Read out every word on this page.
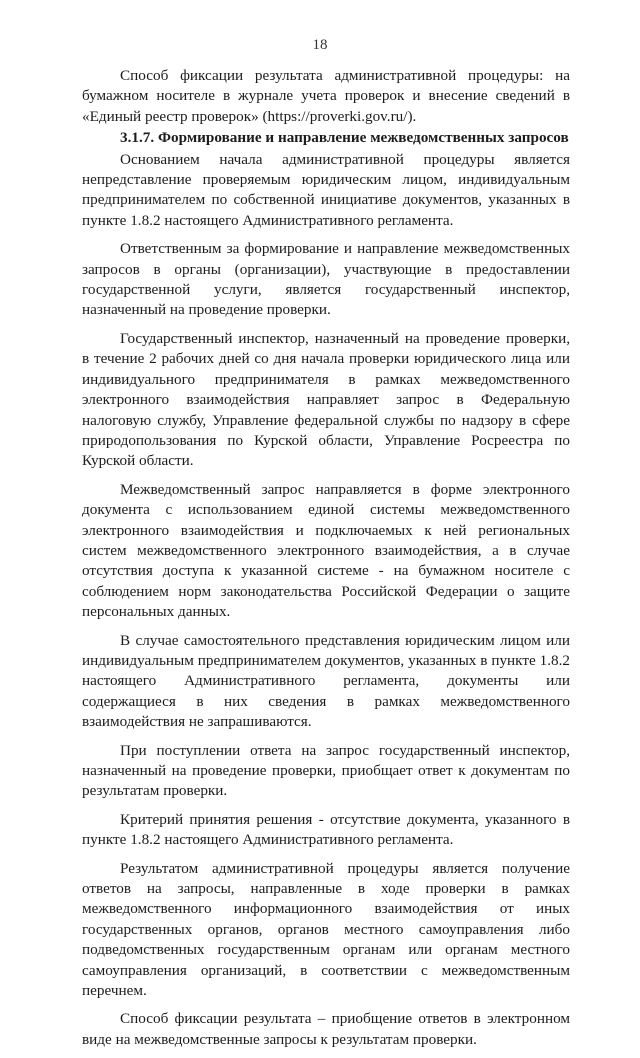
18

Способ фиксации результата административной процедуры: на бумажном носителе в журнале учета проверок и внесение сведений в «Единый реестр проверок» (https://proverki.gov.ru/).

3.1.7. Формирование и направление межведомственных запросов

Основанием начала административной процедуры является непредставление проверяемым юридическим лицом, индивидуальным предпринимателем по собственной инициативе документов, указанных в пункте 1.8.2 настоящего Административного регламента.

Ответственным за формирование и направление межведомственных запросов в органы (организации), участвующие в предоставлении государственной услуги, является государственный инспектор, назначенный на проведение проверки.

Государственный инспектор, назначенный на проведение проверки, в течение 2 рабочих дней со дня начала проверки юридического лица или индивидуального предпринимателя в рамках межведомственного электронного взаимодействия направляет запрос в Федеральную налоговую службу, Управление федеральной службы по надзору в сфере природопользования по Курской области, Управление Росреестра по Курской области.

Межведомственный запрос направляется в форме электронного документа с использованием единой системы межведомственного электронного взаимодействия и подключаемых к ней региональных систем межведомственного электронного взаимодействия, а в случае отсутствия доступа к указанной системе - на бумажном носителе с соблюдением норм законодательства Российской Федерации о защите персональных данных.

В случае самостоятельного представления юридическим лицом или индивидуальным предпринимателем документов, указанных в пункте 1.8.2 настоящего Административного регламента, документы или содержащиеся в них сведения в рамках межведомственного взаимодействия не запрашиваются.

При поступлении ответа на запрос государственный инспектор, назначенный на проведение проверки, приобщает ответ к документам по результатам проверки.

Критерий принятия решения - отсутствие документа, указанного в пункте 1.8.2 настоящего Административного регламента.

Результатом административной процедуры является получение ответов на запросы, направленные в ходе проверки в рамках межведомственного информационного взаимодействия от иных государственных органов, органов местного самоуправления либо подведомственных государственным органам или органам местного самоуправления организаций, в соответствии с межведомственным перечнем.

Способ фиксации результата – приобщение ответов в электронном виде на межведомственные запросы к результатам проверки.
